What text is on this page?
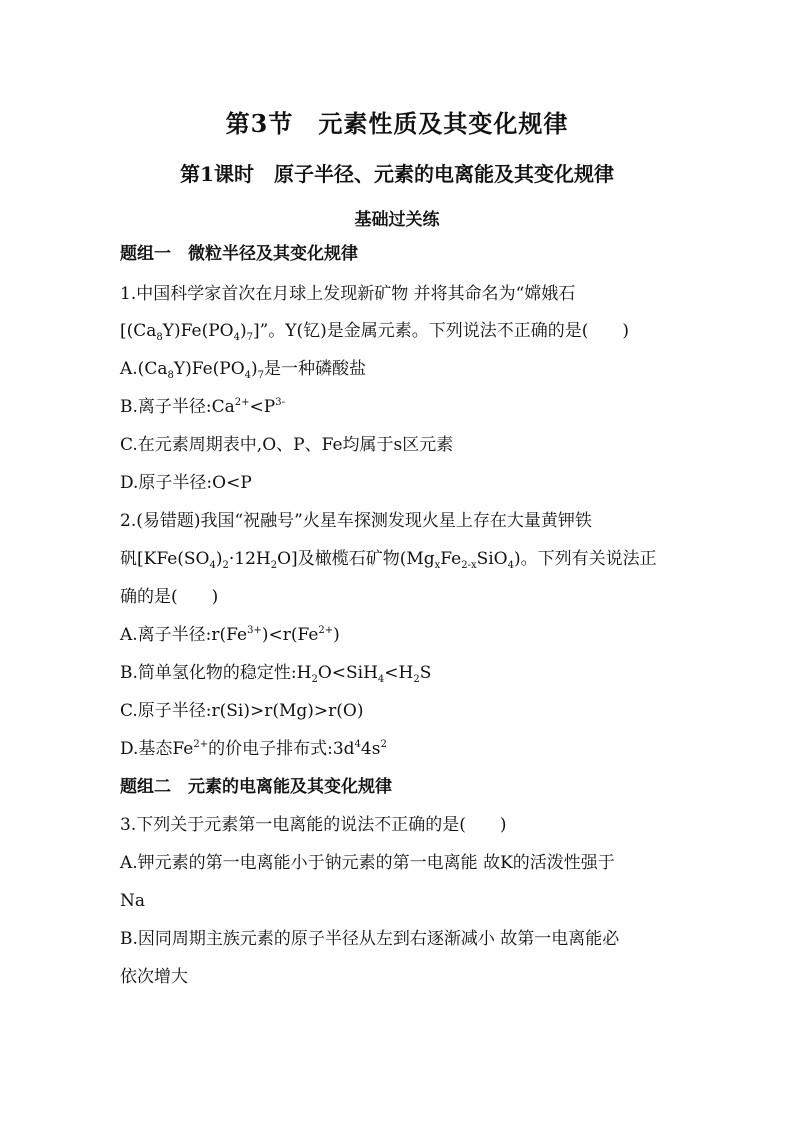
第3节　元素性质及其变化规律
第1课时　原子半径、元素的电离能及其变化规律
基础过关练
题组一　微粒半径及其变化规律
1.中国科学家首次在月球上发现新矿物 并将其命名为“嫦娥石
$[(Ca_8Y)Fe(PO_4)_7]$”。Y(钇)是金属元素。下列说法不正确的是(　　)
$A.(Ca_8Y)Fe(PO_4)_7$是一种磷酸盐
B.离子半径$:Ca^{2+}<P^{3-}$
C.在元素周期表中,O、P、Fe均属于s区元素
D.原子半径:O<P
2.(易错题)我国“祝融号”火星车探测发现火星上存在大量黄钾铁
矾$[KFe(SO_4)_2\cdot 12H_2O]$及橄榄石矿物$(Mg_xFe_{2-x}SiO_4)$。下列有关说法正
确的是(　　)
A.离子半径$:r(Fe^{3+})<r(Fe^{2+})$
B.简单氢化物的稳定性$:H_2O<SiH_4<H_2S$
C.原子半径:r(Si)>r(Mg)>r(O)
D.基态$Fe^{2+}$的价电子排布式$:3d^44s^2$
题组二　元素的电离能及其变化规律
3.下列关于元素第一电离能的说法不正确的是(　　)
A.钾元素的第一电离能小于钠元素的第一电离能 故K的活泼性强于
Na
B.因同周期主族元素的原子半径从左到右逐渐减小 故第一电离能必
依次增大
